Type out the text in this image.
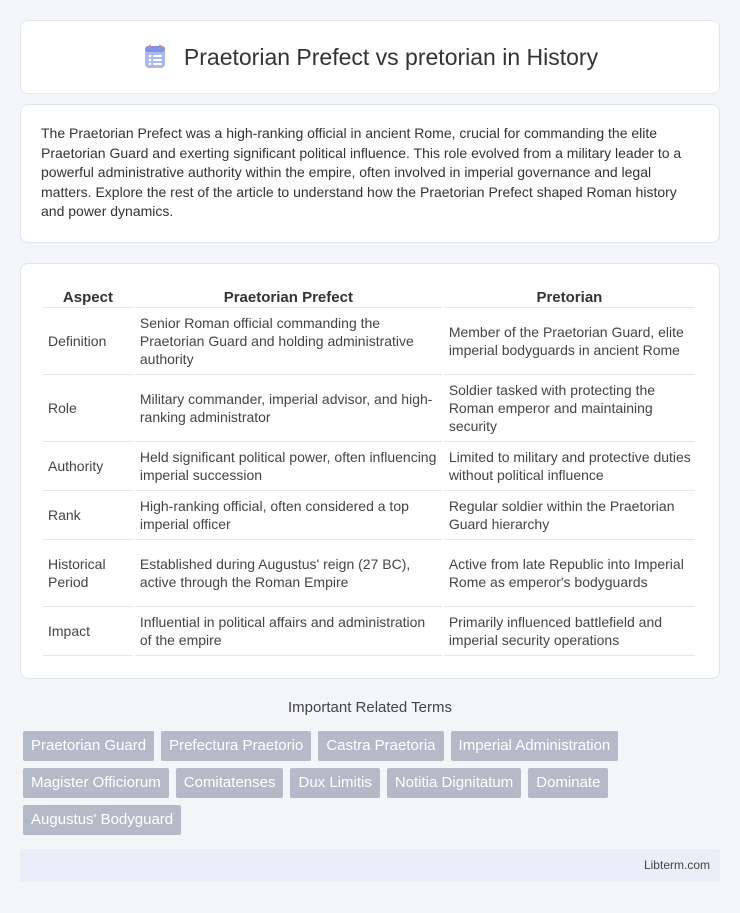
Praetorian Prefect vs pretorian in History

The Praetorian Prefect was a high-ranking official in ancient Rome, crucial for commanding the elite Praetorian Guard and exerting significant political influence. This role evolved from a military leader to a powerful administrative authority within the empire, often involved in imperial governance and legal matters. Explore the rest of the article to understand how the Praetorian Prefect shaped Roman history and power dynamics.

Aspect	Praetorian Prefect	Pretorian
Definition	Senior Roman official commanding the Praetorian Guard and holding administrative authority	Member of the Praetorian Guard, elite imperial bodyguards in ancient Rome
Role	Military commander, imperial advisor, and high-ranking administrator	Soldier tasked with protecting the Roman emperor and maintaining security
Authority	Held significant political power, often influencing imperial succession	Limited to military and protective duties without political influence
Rank	High-ranking official, often considered a top imperial officer	Regular soldier within the Praetorian Guard hierarchy
Historical Period	Established during Augustus' reign (27 BC), active through the Roman Empire	Active from late Republic into Imperial Rome as emperor's bodyguards
Impact	Influential in political affairs and administration of the empire	Primarily influenced battlefield and imperial security operations
Important Related Terms
Praetorian Guard	Prefectura Praetorio	Castra Praetoria	Imperial Administration
Magister Officiorum	Comitatenses	Dux Limitis	Notitia Dignitatum	Dominate
Augustus' Bodyguard
Libterm.com
